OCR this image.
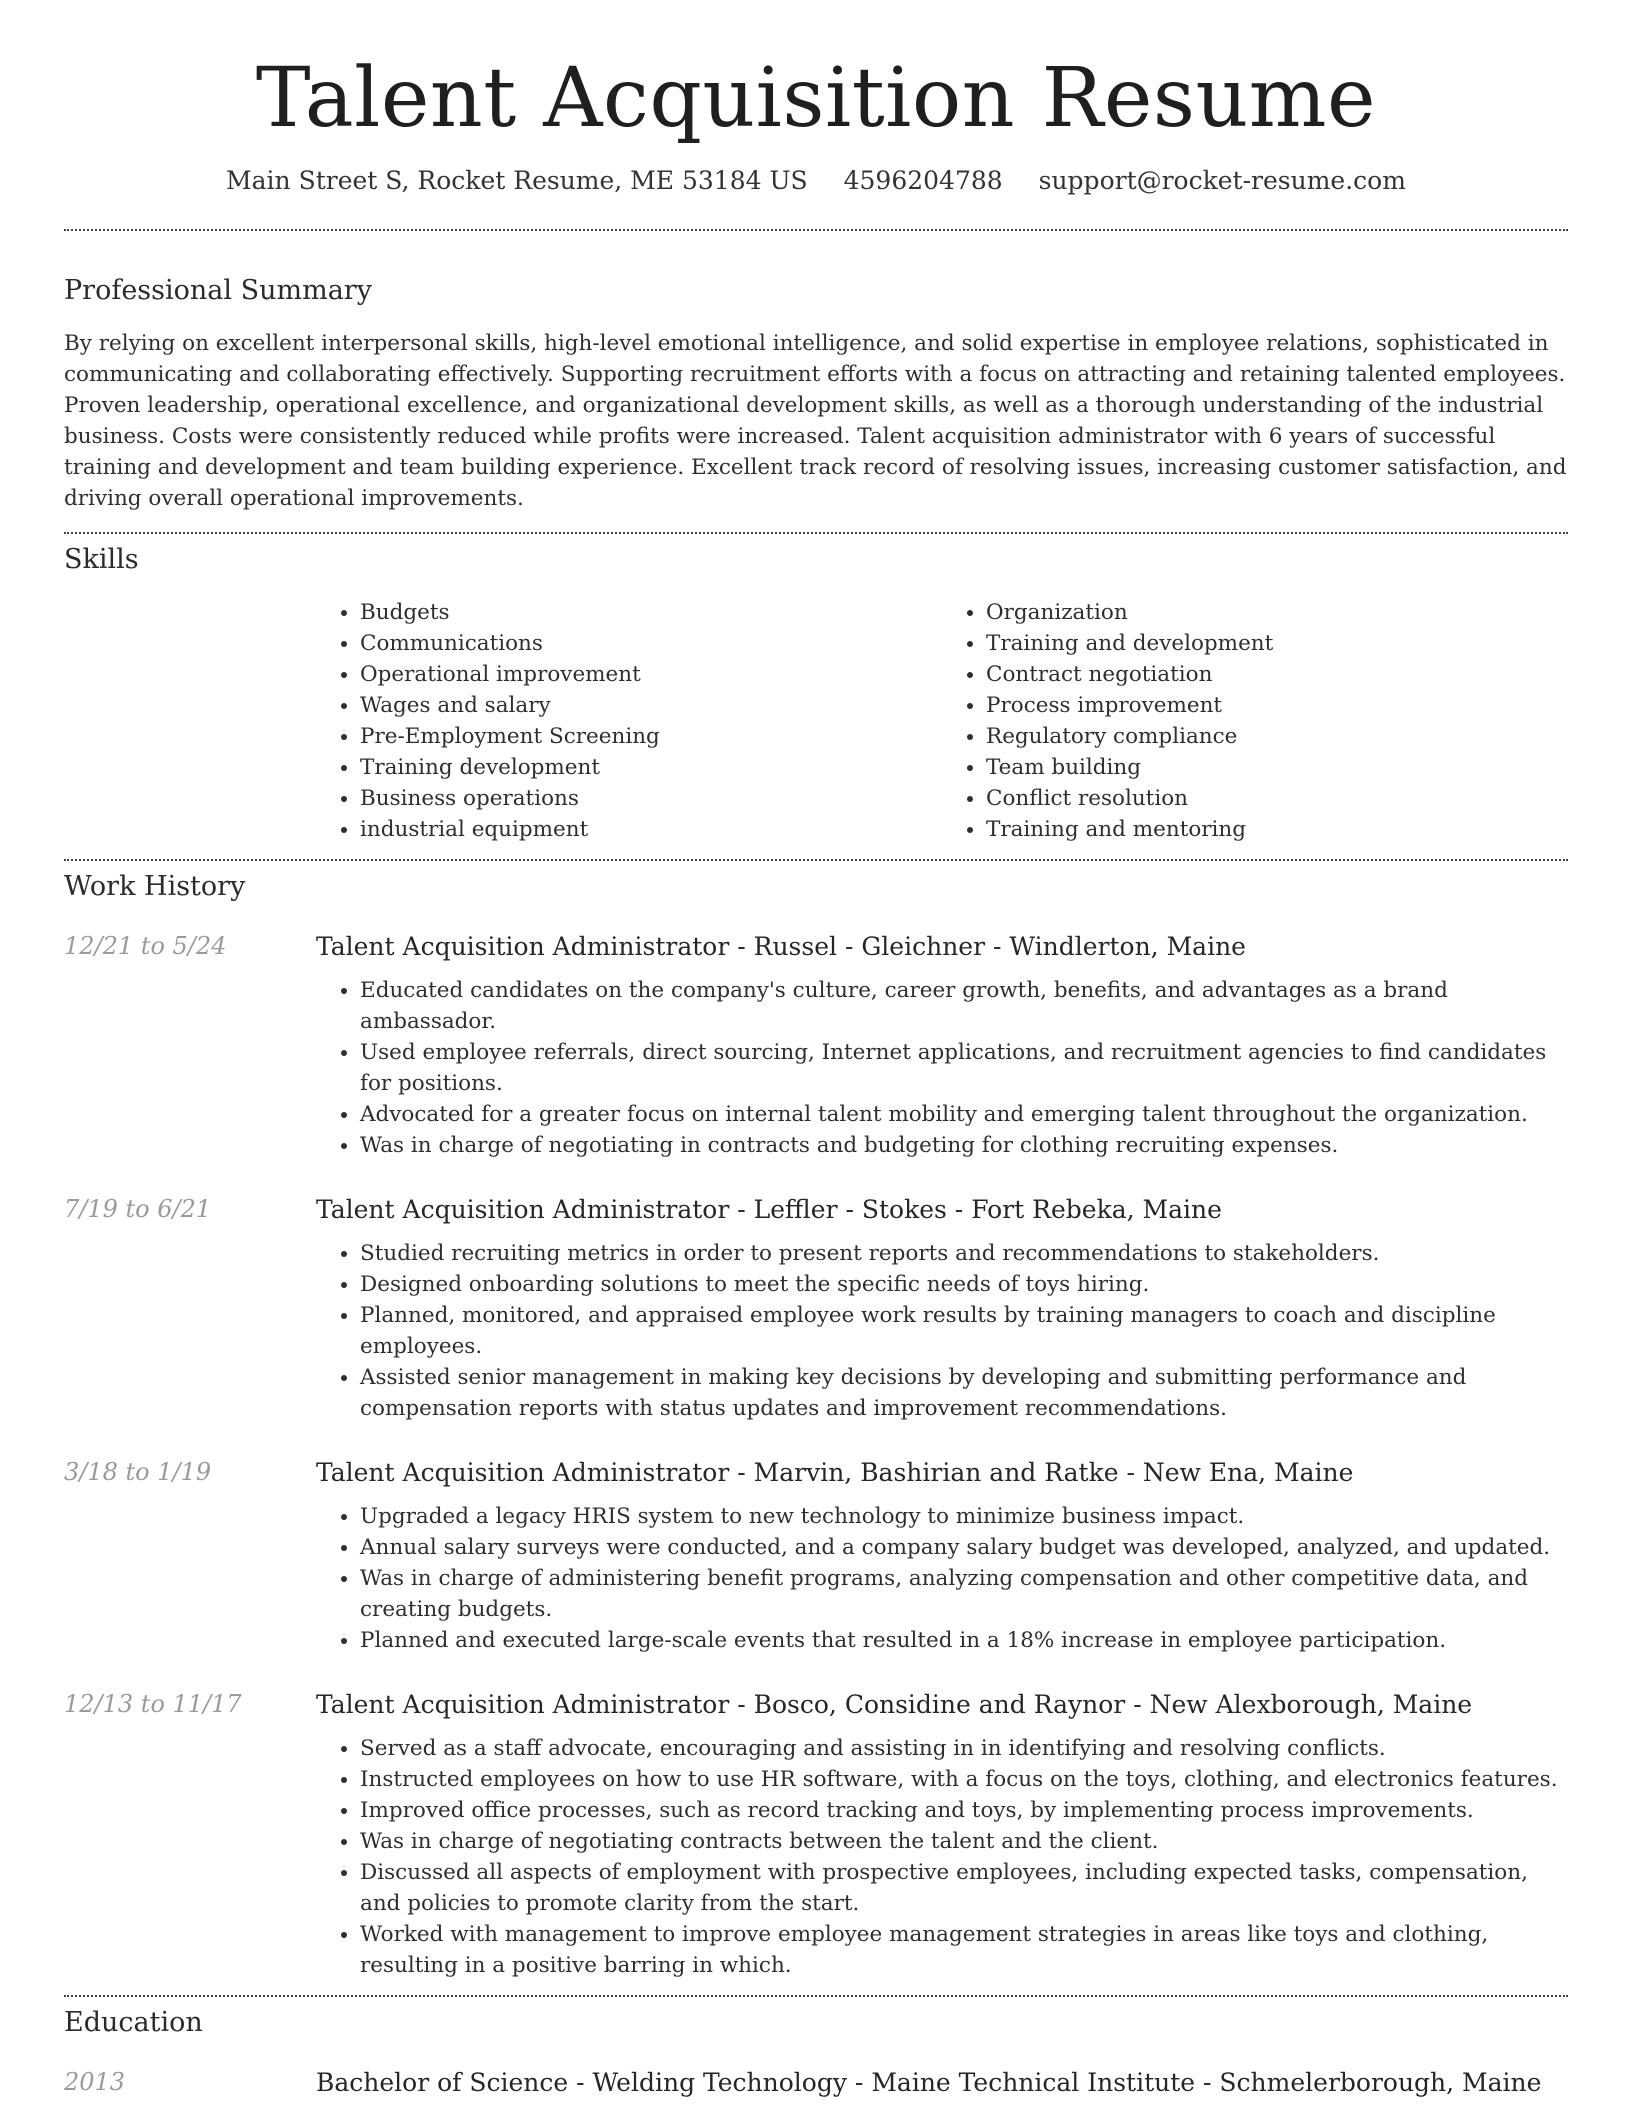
Talent Acquisition Resume
Main Street S, Rocket Resume, ME 53184 US 4596204788 support@rocket-resume.com
Professional Summary

By relying on excellent interpersonal skills, high-level emotional intelligence, and solid expertise in employee relations, sophisticated in communicating and collaborating effectively. Supporting recruitment efforts with a focus on attracting and retaining talented employees. Proven leadership, operational excellence, and organizational development skills, as well as a thorough understanding of the industrial business. Costs were consistently reduced while profits were increased. Talent acquisition administrator with 6 years of successful training and development and team building experience. Excellent track record of resolving issues, increasing customer satisfaction, and driving overall operational improvements.

Skills
• Budgets
• Communications
• Operational improvement
• Wages and salary
• Pre-Employment Screening
• Training development
• Business operations
• industrial equipment
• Organization
• Training and development
• Contract negotiation
• Process improvement
• Regulatory compliance
• Team building
• Conflict resolution
• Training and mentoring
Work History
12/21 to 5/24	Talent Acquisition Administrator - Russel - Gleichner - Windlerton, Maine
• Educated candidates on the company's culture, career growth, benefits, and advantages as a brand ambassador.
• Used employee referrals, direct sourcing, Internet applications, and recruitment agencies to find candidates for positions.
• Advocated for a greater focus on internal talent mobility and emerging talent throughout the organization.
• Was in charge of negotiating in contracts and budgeting for clothing recruiting expenses.
7/19 to 6/21	Talent Acquisition Administrator - Leffler - Stokes - Fort Rebeka, Maine
• Studied recruiting metrics in order to present reports and recommendations to stakeholders.
• Designed onboarding solutions to meet the specific needs of toys hiring.
• Planned, monitored, and appraised employee work results by training managers to coach and discipline employees.
• Assisted senior management in making key decisions by developing and submitting performance and compensation reports with status updates and improvement recommendations.
3/18 to 1/19	Talent Acquisition Administrator - Marvin, Bashirian and Ratke - New Ena, Maine
• Upgraded a legacy HRIS system to new technology to minimize business impact.
• Annual salary surveys were conducted, and a company salary budget was developed, analyzed, and updated.
• Was in charge of administering benefit programs, analyzing compensation and other competitive data, and creating budgets.
• Planned and executed large-scale events that resulted in a 18% increase in employee participation.
12/13 to 11/17	Talent Acquisition Administrator - Bosco, Considine and Raynor - New Alexborough, Maine
• Served as a staff advocate, encouraging and assisting in in identifying and resolving conflicts.
• Instructed employees on how to use HR software, with a focus on the toys, clothing, and electronics features.
• Improved office processes, such as record tracking and toys, by implementing process improvements.
• Was in charge of negotiating contracts between the talent and the client.
• Discussed all aspects of employment with prospective employees, including expected tasks, compensation, and policies to promote clarity from the start.
• Worked with management to improve employee management strategies in areas like toys and clothing, resulting in a positive barring in which.
Education
2013	Bachelor of Science - Welding Technology - Maine Technical Institute - Schmelerborough, Maine
